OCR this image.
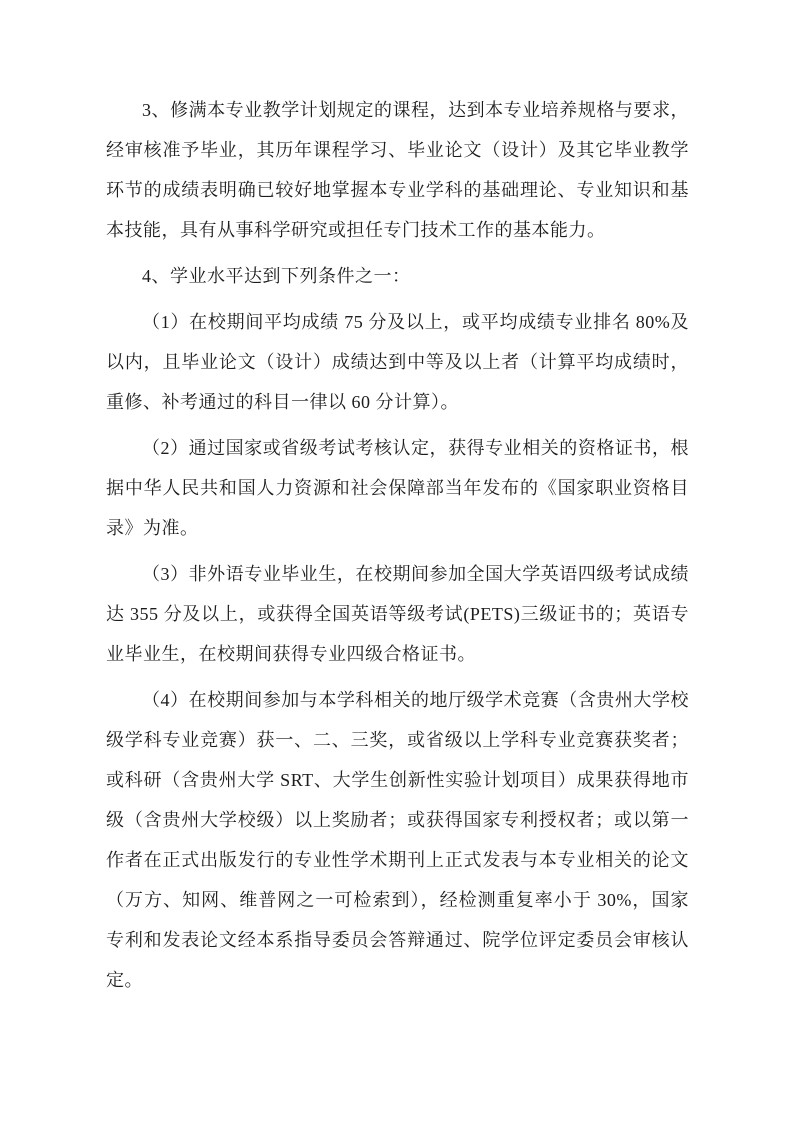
3、修满本专业教学计划规定的课程，达到本专业培养规格与要求，经审核准予毕业，其历年课程学习、毕业论文（设计）及其它毕业教学环节的成绩表明确已较好地掌握本专业学科的基础理论、专业知识和基本技能，具有从事科学研究或担任专门技术工作的基本能力。

4、学业水平达到下列条件之一：

（1）在校期间平均成绩 75 分及以上，或平均成绩专业排名 80%及以内，且毕业论文（设计）成绩达到中等及以上者（计算平均成绩时，重修、补考通过的科目一律以 60 分计算）。

（2）通过国家或省级考试考核认定，获得专业相关的资格证书，根据中华人民共和国人力资源和社会保障部当年发布的《国家职业资格目录》为准。

（3）非外语专业毕业生，在校期间参加全国大学英语四级考试成绩达 355 分及以上，或获得全国英语等级考试(PETS)三级证书的；英语专业毕业生，在校期间获得专业四级合格证书。

（4）在校期间参加与本学科相关的地厅级学术竞赛（含贵州大学校级学科专业竞赛）获一、二、三奖，或省级以上学科专业竞赛获奖者；或科研（含贵州大学 SRT、大学生创新性实验计划项目）成果获得地市级（含贵州大学校级）以上奖励者；或获得国家专利授权者；或以第一作者在正式出版发行的专业性学术期刊上正式发表与本专业相关的论文（万方、知网、维普网之一可检索到），经检测重复率小于 30%，国家专利和发表论文经本系指导委员会答辩通过、院学位评定委员会审核认定。
